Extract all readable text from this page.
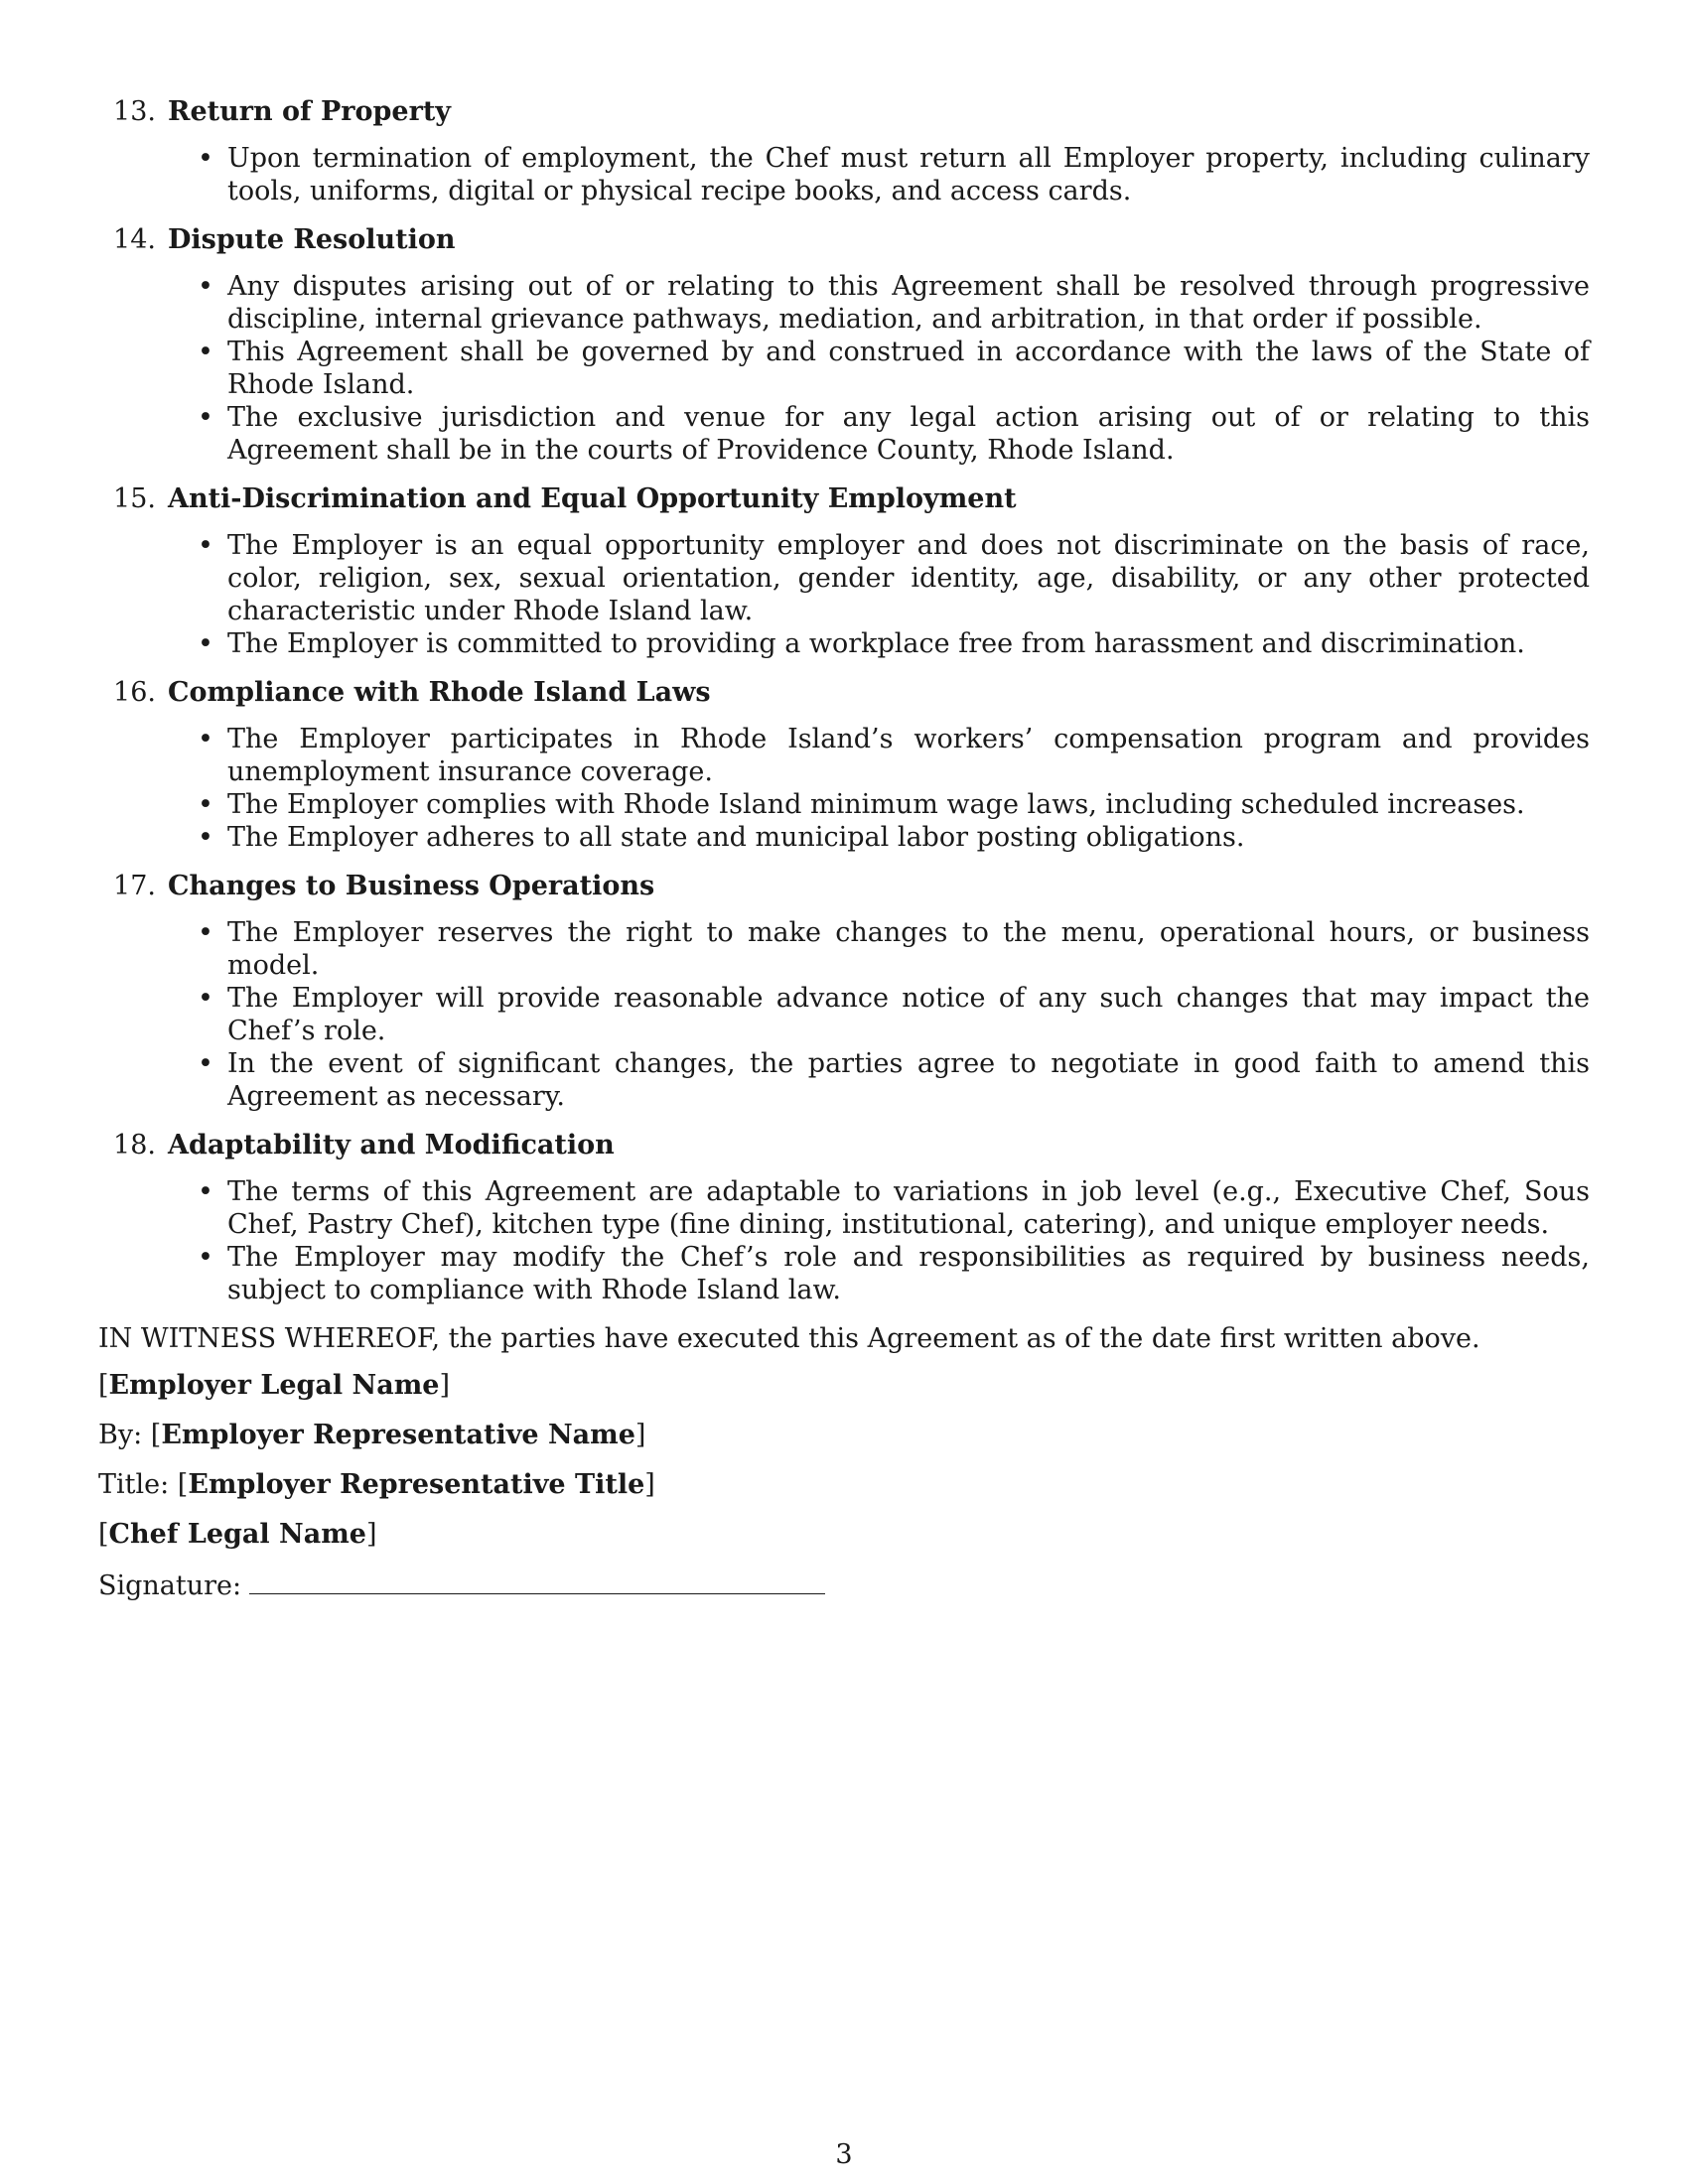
13. Return of Property
• Upon termination of employment, the Chef must return all Employer property, including culinary tools, uniforms, digital or physical recipe books, and access cards.
14. Dispute Resolution
• Any disputes arising out of or relating to this Agreement shall be resolved through progressive discipline, internal grievance pathways, mediation, and arbitration, in that order if possible.
• This Agreement shall be governed by and construed in accordance with the laws of the State of Rhode Island.
• The exclusive jurisdiction and venue for any legal action arising out of or relating to this Agreement shall be in the courts of Providence County, Rhode Island.
15. Anti-Discrimination and Equal Opportunity Employment
• The Employer is an equal opportunity employer and does not discriminate on the basis of race, color, religion, sex, sexual orientation, gender identity, age, disability, or any other protected characteristic under Rhode Island law.
• The Employer is committed to providing a workplace free from harassment and discrimination.
16. Compliance with Rhode Island Laws
• The Employer participates in Rhode Island’s workers’ compensation program and provides unemployment insurance coverage.
• The Employer complies with Rhode Island minimum wage laws, including scheduled increases.
• The Employer adheres to all state and municipal labor posting obligations.
17. Changes to Business Operations
• The Employer reserves the right to make changes to the menu, operational hours, or business model.
• The Employer will provide reasonable advance notice of any such changes that may impact the Chef’s role.
• In the event of significant changes, the parties agree to negotiate in good faith to amend this Agreement as necessary.
18. Adaptability and Modification
• The terms of this Agreement are adaptable to variations in job level (e.g., Executive Chef, Sous Chef, Pastry Chef), kitchen type (fine dining, institutional, catering), and unique employer needs.
• The Employer may modify the Chef’s role and responsibilities as required by business needs, subject to compliance with Rhode Island law.

IN WITNESS WHEREOF, the parties have executed this Agreement as of the date first written above.

[Employer Legal Name]

By: [Employer Representative Name]

Title: [Employer Representative Title]

[Chef Legal Name]

Signature:

3
